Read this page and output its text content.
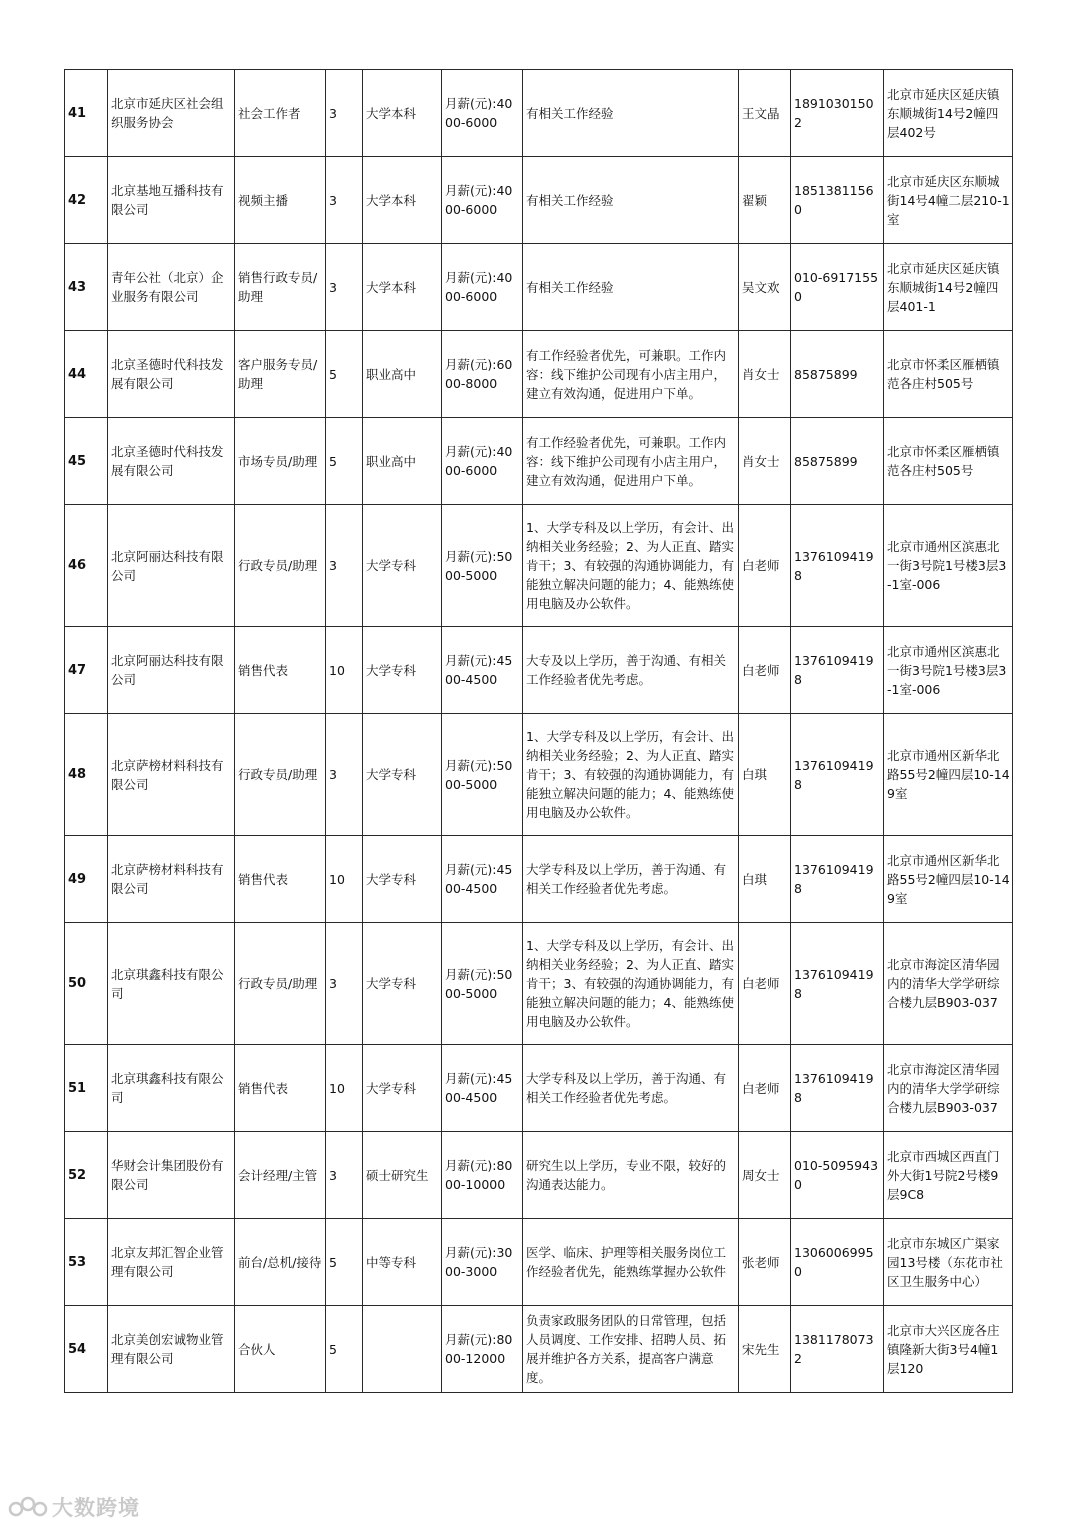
41	北京市延庆区社会组织服务协会	社会工作者	3	大学本科	月薪(元):4000-6000	有相关工作经验	王文晶	18910301502	北京市延庆区延庆镇东顺城街14号2幢四层402号
42	北京基地互播科技有限公司	视频主播	3	大学本科	月薪(元):4000-6000	有相关工作经验	翟颖	18513811560	北京市延庆区东顺城街14号4幢二层210-1室
43	青年公社（北京）企业服务有限公司	销售行政专员/助理	3	大学本科	月薪(元):4000-6000	有相关工作经验	吴文欢	010-69171550	北京市延庆区延庆镇东顺城街14号2幢四层401-1
44	北京圣德时代科技发展有限公司	客户服务专员/助理	5	职业高中	月薪(元):6000-8000	有工作经验者优先，可兼职。工作内容：线下维护公司现有小店主用户，建立有效沟通，促进用户下单。	肖女士	85875899	北京市怀柔区雁栖镇范各庄村505号
45	北京圣德时代科技发展有限公司	市场专员/助理	5	职业高中	月薪(元):4000-6000	有工作经验者优先，可兼职。工作内容：线下维护公司现有小店主用户，建立有效沟通，促进用户下单。	肖女士	85875899	北京市怀柔区雁栖镇范各庄村505号
46	北京阿丽达科技有限公司	行政专员/助理	3	大学专科	月薪(元):5000-5000	1、大学专科及以上学历，有会计、出纳相关业务经验；2、为人正直、踏实肯干；3、有较强的沟通协调能力，有能独立解决问题的能力；4、能熟练使用电脑及办公软件。	白老师	13761094198	北京市通州区滨惠北一街3号院1号楼3层3-1室-006
47	北京阿丽达科技有限公司	销售代表	10	大学专科	月薪(元):4500-4500	大专及以上学历，善于沟通、有相关工作经验者优先考虑。	白老师	13761094198	北京市通州区滨惠北一街3号院1号楼3层3-1室-006
48	北京萨榜材料科技有限公司	行政专员/助理	3	大学专科	月薪(元):5000-5000	1、大学专科及以上学历，有会计、出纳相关业务经验；2、为人正直、踏实肯干；3、有较强的沟通协调能力，有能独立解决问题的能力；4、能熟练使用电脑及办公软件。	白琪	13761094198	北京市通州区新华北路55号2幢四层10-149室
49	北京萨榜材料科技有限公司	销售代表	10	大学专科	月薪(元):4500-4500	大学专科及以上学历，善于沟通、有相关工作经验者优先考虑。	白琪	13761094198	北京市通州区新华北路55号2幢四层10-149室
50	北京琪鑫科技有限公司	行政专员/助理	3	大学专科	月薪(元):5000-5000	1、大学专科及以上学历，有会计、出纳相关业务经验；2、为人正直、踏实肯干；3、有较强的沟通协调能力，有能独立解决问题的能力；4、能熟练使用电脑及办公软件。	白老师	13761094198	北京市海淀区清华园内的清华大学学研综合楼九层B903-037
51	北京琪鑫科技有限公司	销售代表	10	大学专科	月薪(元):4500-4500	大学专科及以上学历，善于沟通、有相关工作经验者优先考虑。	白老师	13761094198	北京市海淀区清华园内的清华大学学研综合楼九层B903-037
52	华财会计集团股份有限公司	会计经理/主管	3	硕士研究生	月薪(元):8000-10000	研究生以上学历，专业不限，较好的沟通表达能力。	周女士	010-50959430	北京市西城区西直门外大街1号院2号楼9层9C8
53	北京友邦汇智企业管理有限公司	前台/总机/接待	5	中等专科	月薪(元):3000-3000	医学、临床、护理等相关服务岗位工作经验者优先，能熟练掌握办公软件	张老师	13060069950	北京市东城区广渠家园13号楼（东花市社区卫生服务中心）
54	北京美创宏诚物业管理有限公司	合伙人	5		月薪(元):8000-12000	负责家政服务团队的日常管理，包括人员调度、工作安排、招聘人员、拓展并维护各方关系，提高客户满意度。	宋先生	13811780732	北京市大兴区庞各庄镇隆新大街3号4幢1层120
大数跨境
